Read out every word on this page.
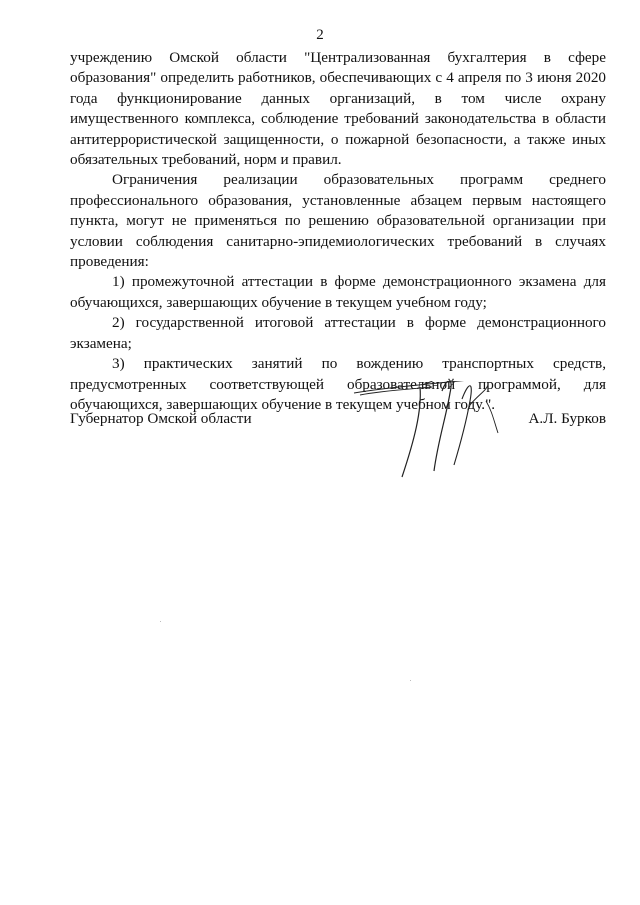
2

учреждению Омской области "Централизованная бухгалтерия в сфере образования" определить работников, обеспечивающих с 4 апреля по 3 июня 2020 года функционирование данных организаций, в том числе охрану имущественного комплекса, соблюдение требований законодательства в области антитеррористической защищенности, о пожарной безопасности, а также иных обязательных требований, норм и правил.

Ограничения реализации образовательных программ среднего профессионального образования, установленные абзацем первым настоящего пункта, могут не применяться по решению образовательной организации при условии соблюдения санитарно-эпидемиологических требований в случаях проведения:

1) промежуточной аттестации в форме демонстрационного экзамена для обучающихся, завершающих обучение в текущем учебном году;

2) государственной итоговой аттестации в форме демонстрационного экзамена;

3) практических занятий по вождению транспортных средств, предусмотренных соответствующей образовательной программой, для обучающихся, завершающих обучение в текущем учебном году.".

Губернатор Омской области	А.Л. Бурков
